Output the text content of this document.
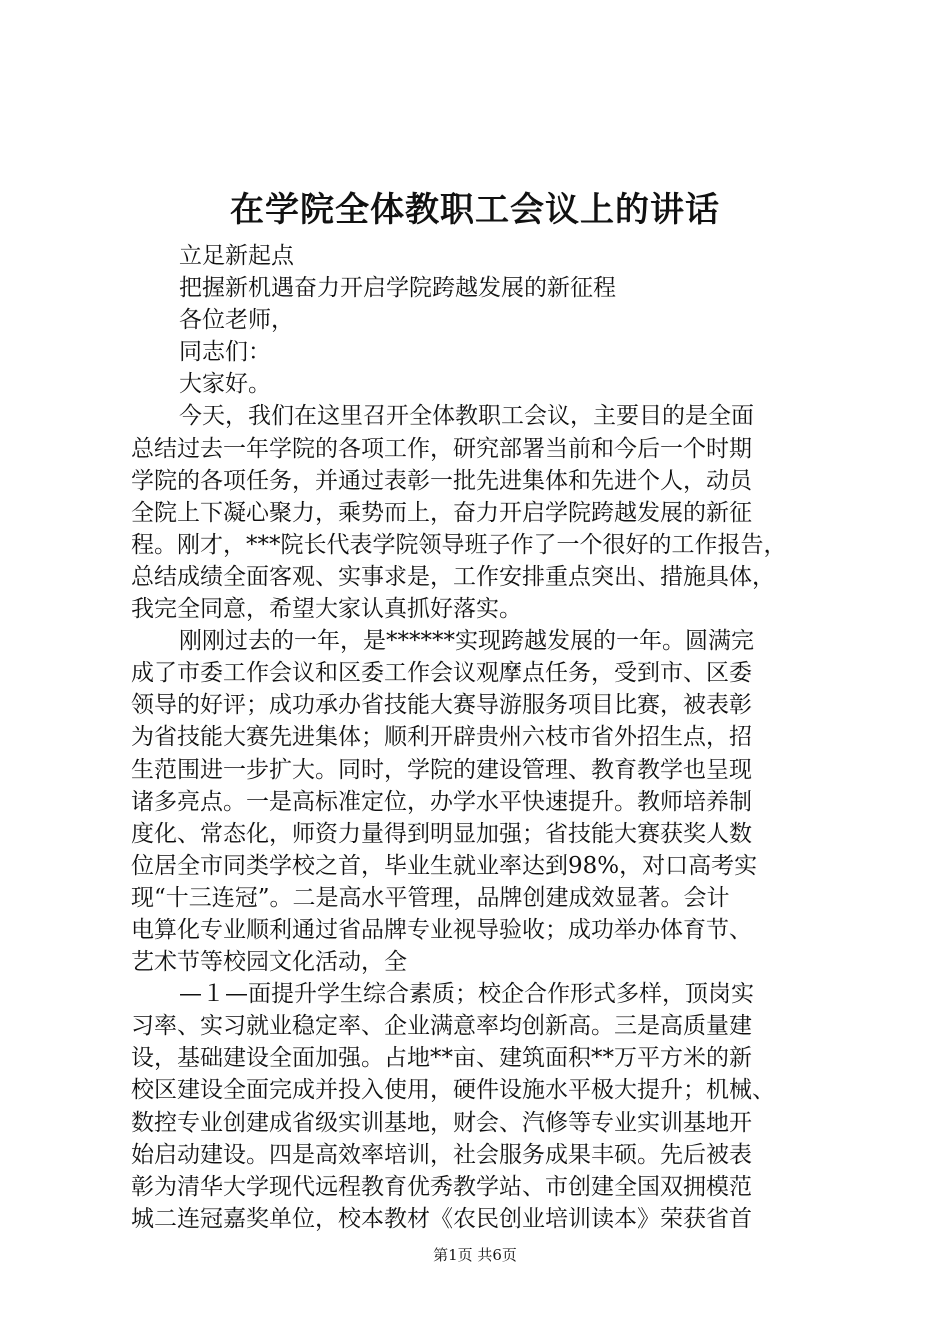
在学院全体教职工会议上的讲话
立足新起点
把握新机遇奋力开启学院跨越发展的新征程
各位老师，
同志们：
大家好。
今天，我们在这里召开全体教职工会议，主要目的是全面
总结过去一年学院的各项工作，研究部署当前和今后一个时期
学院的各项任务，并通过表彰一批先进集体和先进个人，动员
全院上下凝心聚力，乘势而上，奋力开启学院跨越发展的新征
程。刚才，***院长代表学院领导班子作了一个很好的工作报告，
总结成绩全面客观、实事求是，工作安排重点突出、措施具体，
我完全同意，希望大家认真抓好落实。
刚刚过去的一年，是******实现跨越发展的一年。圆满完
成了市委工作会议和区委工作会议观摩点任务，受到市、区委
领导的好评；成功承办省技能大赛导游服务项目比赛，被表彰
为省技能大赛先进集体；顺利开辟贵州六枝市省外招生点，招
生范围进一步扩大。同时，学院的建设管理、教育教学也呈现
诸多亮点。一是高标准定位，办学水平快速提升。教师培养制
度化、常态化，师资力量得到明显加强；省技能大赛获奖人数
位居全市同类学校之首，毕业生就业率达到98%，对口高考实
现“十三连冠”。二是高水平管理，品牌创建成效显著。会计
电算化专业顺利通过省品牌专业视导验收；成功举办体育节、
艺术节等校园文化活动，全
—１—面提升学生综合素质；校企合作形式多样，顶岗实
习率、实习就业稳定率、企业满意率均创新高。三是高质量建
设，基础建设全面加强。占地**亩、建筑面积**万平方米的新
校区建设全面完成并投入使用，硬件设施水平极大提升；机械、
数控专业创建成省级实训基地，财会、汽修等专业实训基地开
始启动建设。四是高效率培训，社会服务成果丰硕。先后被表
彰为清华大学现代远程教育优秀教学站、市创建全国双拥模范
城二连冠嘉奖单位，校本教材《农民创业培训读本》荣获省首
第1页 共6页
